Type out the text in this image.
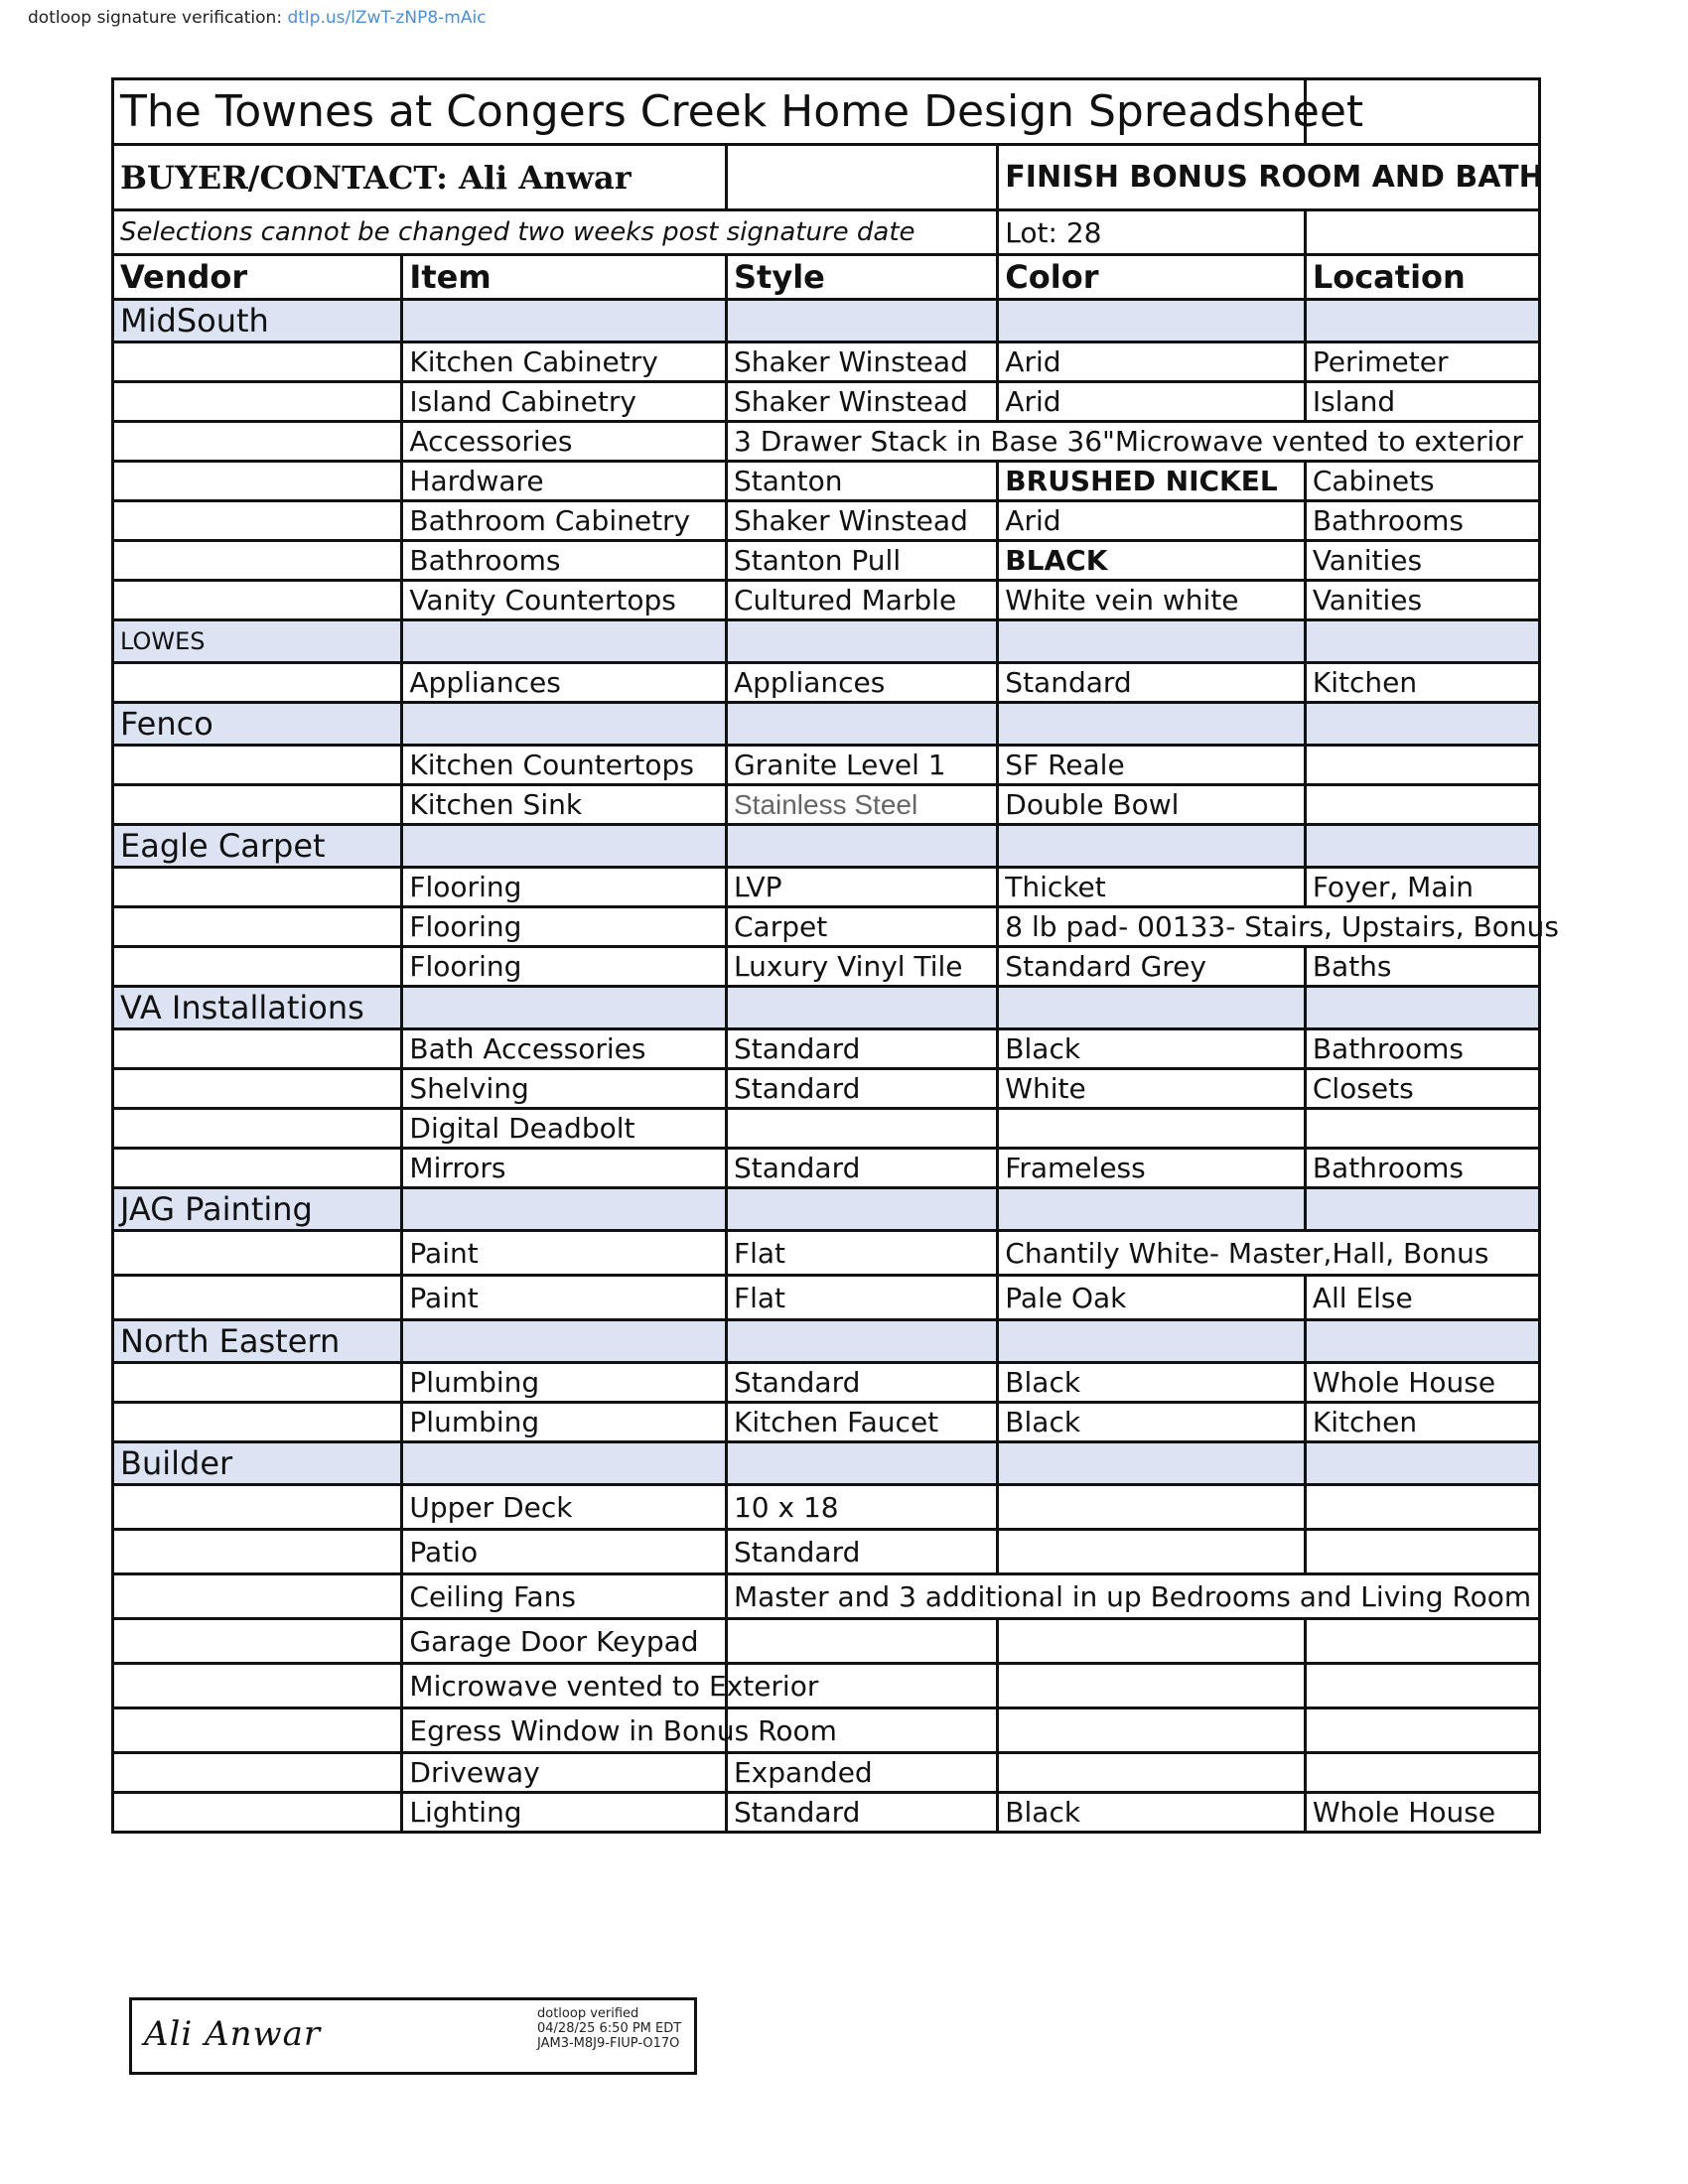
dotloop signature verification: dtlp.us/lZwT-zNP8-mAic
The Townes at Congers Creek Home Design Spreadsheet				
BUYER/CONTACT: Ali Anwar			FINISH BONUS ROOM AND BATH	
Selections cannot be changed two weeks post signature date			Lot: 28	
Vendor	Item	Style	Color	Location
MidSouth				
	Kitchen Cabinetry	Shaker Winstead	Arid	Perimeter
	Island Cabinetry	Shaker Winstead	Arid	Island
	Accessories	3 Drawer Stack in Base 36"Microwave vented to exterior		
	Hardware	Stanton	BRUSHED NICKEL	Cabinets
	Bathroom Cabinetry	Shaker Winstead	Arid	Bathrooms
	Bathrooms	Stanton Pull	BLACK	Vanities
	Vanity Countertops	Cultured Marble	White vein white	Vanities
LOWES				
	Appliances	Appliances	Standard	Kitchen
Fenco				
	Kitchen Countertops	Granite Level 1	SF Reale	
	Kitchen Sink	Stainless Steel	Double Bowl	
Eagle Carpet				
	Flooring	LVP	Thicket	Foyer, Main
	Flooring	Carpet	8 lb pad- 00133- Stairs, Upstairs, Bonus	
	Flooring	Luxury Vinyl Tile	Standard Grey	Baths
VA Installations				
	Bath Accessories	Standard	Black	Bathrooms
	Shelving	Standard	White	Closets
	Digital Deadbolt			
	Mirrors	Standard	Frameless	Bathrooms
JAG Painting				
	Paint	Flat	Chantily White- Master,Hall, Bonus	
	Paint	Flat	Pale Oak	All Else
North Eastern				
	Plumbing	Standard	Black	Whole House
	Plumbing	Kitchen Faucet	Black	Kitchen
Builder				
	Upper Deck	10 x 18		
	Patio	Standard		
	Ceiling Fans	Master and 3 additional in up Bedrooms and Living Room		
	Garage Door Keypad			
	Microwave vented to Exterior			
	Egress Window in Bonus Room			
	Driveway	Expanded		
	Lighting	Standard	Black	Whole House
Ali Anwar
dotloop verified
04/28/25 6:50 PM EDT
JAM3-M8J9-FIUP-O17O
